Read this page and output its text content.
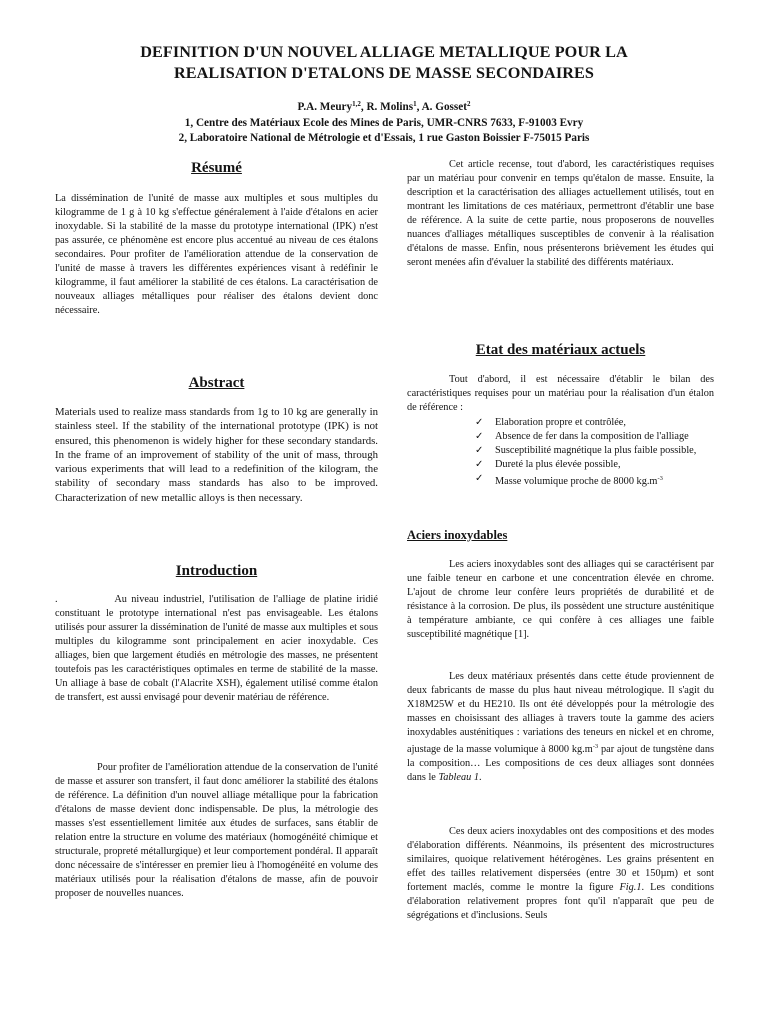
DEFINITION D'UN NOUVEL ALLIAGE METALLIQUE POUR LA
REALISATION D'ETALONS DE MASSE SECONDAIRES
P.A. Meury$^{1,2}$, R. Molins$^1$, A. Gosset$^2$
1, Centre des Matériaux Ecole des Mines de Paris, UMR-CNRS 7633, F-91003 Evry
2, Laboratoire National de Métrologie et d'Essais, 1 rue Gaston Boissier F-75015 Paris
Résumé

La dissémination de l'unité de masse aux multiples et sous multiples du kilogramme de 1 g à 10 kg s'effectue généralement à l'aide d'étalons en acier inoxydable. Si la stabilité de la masse du prototype international (IPK) n'est pas assurée, ce phénomène est encore plus accentué au niveau de ces étalons secondaires. Pour profiter de l'amélioration attendue de la conservation de l'unité de masse à travers les différentes expériences visant à redéfinir le kilogramme, il faut améliorer la stabilité de ces étalons. La caractérisation de nouveaux alliages métalliques pour réaliser des étalons devient donc nécessaire.

Abstract

Materials used to realize mass standards from 1g to 10 kg are generally in stainless steel. If the stability of the international prototype (IPK) is not ensured, this phenomenon is widely higher for these secondary standards. In the frame of an improvement of stability of the unit of mass, through various experiments that will lead to a redefinition of the kilogram, the stability of secondary mass standards has also to be improved. Characterization of new metallic alloys is then necessary.

Introduction

.             Au niveau industriel, l'utilisation de l'alliage de platine iridié constituant le prototype international n'est pas envisageable. Les étalons utilisés pour assurer la dissémination de l'unité de masse aux multiples et sous multiples du kilogramme sont principalement en acier inoxydable. Ces alliages, bien que largement étudiés en métrologie des masses, ne présentent toutefois pas les caractéristiques optimales en terme de stabilité de la masse. Un alliage à base de cobalt (l'Alacrite XSH), également utilisé comme étalon de transfert, est aussi envisagé pour devenir matériau de référence.

Pour profiter de l'amélioration attendue de la conservation de l'unité de masse et assurer son transfert, il faut donc améliorer la stabilité des étalons de référence. La définition d'un nouvel alliage métallique pour la fabrication d'étalons de masse devient donc indispensable. De plus, la métrologie des masses s'est essentiellement limitée aux études de surfaces, sans établir de relation entre la structure en volume des matériaux (homogénéité chimique et structurale, propreté métallurgique) et leur comportement pondéral. Il apparaît donc nécessaire de s'intéresser en premier lieu à l'homogénéité en volume des matériaux utilisés pour la réalisation d'étalons de masse, afin de pouvoir proposer de nouvelles nuances.

Cet article recense, tout d'abord, les caractéristiques requises par un matériau pour convenir en temps qu'étalon de masse. Ensuite, la description et la caractérisation des alliages actuellement utilisés, tout en montrant les limitations de ces matériaux, permettront d'établir une base de référence. A la suite de cette partie, nous proposerons de nouvelles nuances d'alliages métalliques susceptibles de convenir à la réalisation d'étalons de masse. Enfin, nous présenterons brièvement les études qui seront menées afin d'évaluer la stabilité des différents matériaux.

Etat des matériaux actuels

Tout d'abord, il est nécessaire d'établir le bilan des caractéristiques requises pour un matériau pour la réalisation d'un étalon de référence :

✓ Elaboration propre et contrôlée,
✓ Absence de fer dans la composition de l'alliage
✓ Susceptibilité magnétique la plus faible possible,
✓ Dureté la plus élevée possible,
✓ Masse volumique proche de 8000 $kg.m^{-3}$
Aciers inoxydables

Les aciers inoxydables sont des alliages qui se caractérisent par une faible teneur en carbone et une concentration élevée en chrome. L'ajout de chrome leur confère leurs propriétés de durabilité et de résistance à la corrosion. De plus, ils possèdent une structure austénitique à température ambiante, ce qui confère à ces alliages une faible susceptibilité magnétique [1].

Les deux matériaux présentés dans cette étude proviennent de deux fabricants de masse du plus haut niveau métrologique. Il s'agit du X18M25W et du HE210. Ils ont été développés pour la métrologie des masses en choisissant des alliages à travers toute la gamme des aciers inoxydables austénitiques : variations des teneurs en nickel et en chrome, ajustage de la masse volumique à 8000 $kg.m^{-3}$ par ajout de tungstène dans la composition… Les compositions de ces deux alliages sont données dans le Tableau 1.

Ces deux aciers inoxydables ont des compositions et des modes d'élaboration différents. Néanmoins, ils présentent des microstructures similaires, quoique relativement hétérogènes. Les grains présentent en effet des tailles relativement dispersées (entre 30 et 150µm) et sont fortement maclés, comme le montre la figure Fig.1. Les conditions d'élaboration relativement propres font qu'il n'apparaît que peu de ségrégations et d'inclusions. Seuls
